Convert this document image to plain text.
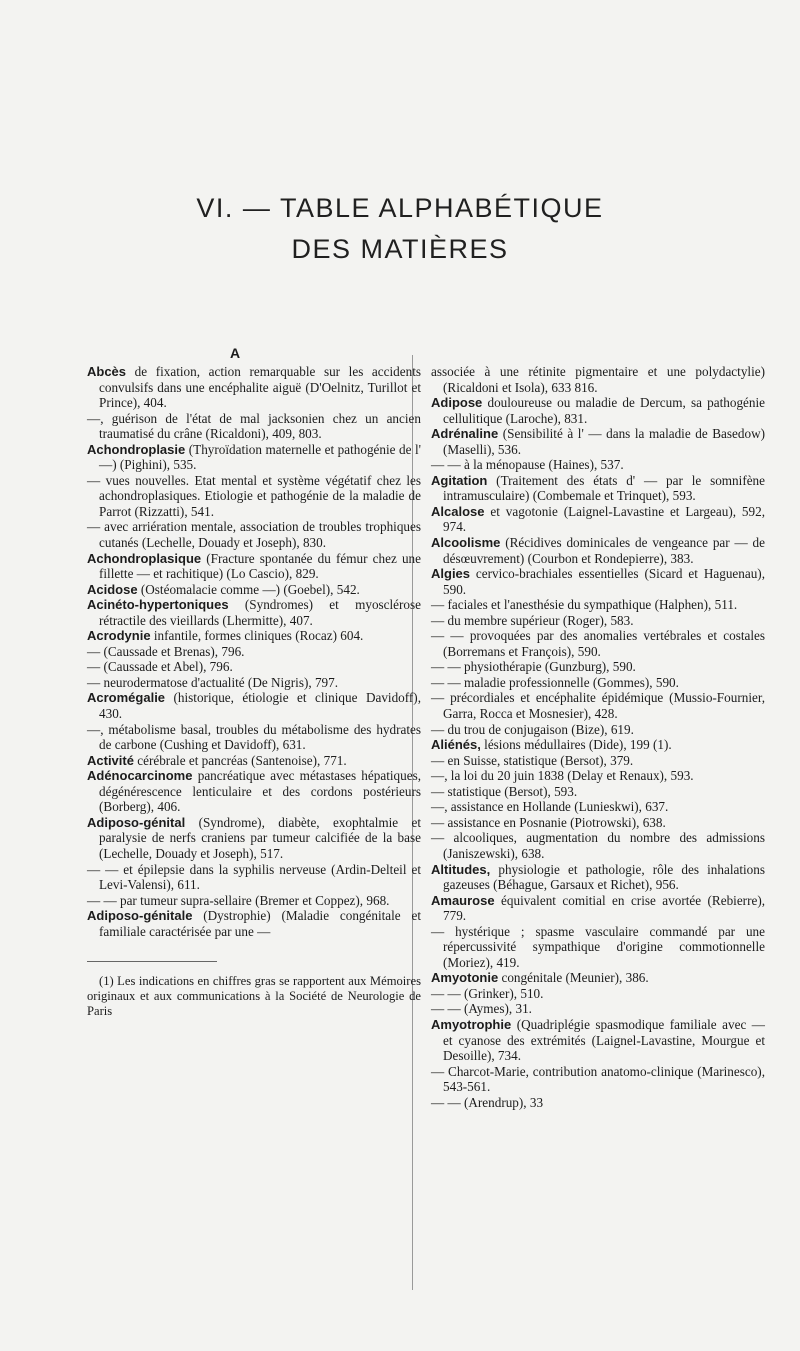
VI. — TABLE ALPHABÉTIQUE
DES MATIÈRES
A

Abcès de fixation, action remarquable sur les accidents convulsifs dans une encéphalite aiguë (D'Oelnitz, Turillot et Prince), 404.

—, guérison de l'état de mal jacksonien chez un ancien traumatisé du crâne (Ricaldoni), 409, 803.

Achondroplasie (Thyroïdation maternelle et pathogénie de l' —) (Pighini), 535.

— vues nouvelles. Etat mental et système végétatif chez les achondroplasiques. Etiologie et pathogénie de la maladie de Parrot (Rizzatti), 541.

— avec arriération mentale, association de troubles trophiques cutanés (Lechelle, Douady et Joseph), 830.

Achondroplasique (Fracture spontanée du fémur chez une fillette — et rachitique) (Lo Cascio), 829.

Acidose (Ostéomalacie comme —) (Goebel), 542.

Acinéto-hypertoniques (Syndromes) et myosclérose rétractile des vieillards (Lhermitte), 407.

Acrodynie infantile, formes cliniques (Rocaz) 604.

— (Caussade et Brenas), 796.

— (Caussade et Abel), 796.

— neurodermatose d'actualité (De Nigris), 797.

Acromégalie (historique, étiologie et clinique Davidoff), 430.

—, métabolisme basal, troubles du métabolisme des hydrates de carbone (Cushing et Davidoff), 631.

Activité cérébrale et pancréas (Santenoise), 771.

Adénocarcinome pancréatique avec métastases hépatiques, dégénérescence lenticulaire et des cordons postérieurs (Borberg), 406.

Adiposo-génital (Syndrome), diabète, exophtalmie et paralysie de nerfs craniens par tumeur calcifiée de la base (Lechelle, Douady et Joseph), 517.

— — et épilepsie dans la syphilis nerveuse (Ardin-Delteil et Levi-Valensi), 611.

— — par tumeur supra-sellaire (Bremer et Coppez), 968.

Adiposo-génitale (Dystrophie) (Maladie congénitale et familiale caractérisée par une —

(1) Les indications en chiffres gras se rapportent aux Mémoires originaux et aux communications à la Société de Neurologie de Paris

associée à une rétinite pigmentaire et une polydactylie) (Ricaldoni et Isola), 633 816.

Adipose douloureuse ou maladie de Dercum, sa pathogénie cellulitique (Laroche), 831.

Adrénaline (Sensibilité à l' — dans la maladie de Basedow) (Maselli), 536.

— — à la ménopause (Haines), 537.

Agitation (Traitement des états d' — par le somnifène intramusculaire) (Combemale et Trinquet), 593.

Alcalose et vagotonie (Laignel-Lavastine et Largeau), 592, 974.

Alcoolisme (Récidives dominicales de vengeance par — de désœuvrement) (Courbon et Rondepierre), 383.

Algies cervico-brachiales essentielles (Sicard et Haguenau), 590.

— faciales et l'anesthésie du sympathique (Halphen), 511.

— du membre supérieur (Roger), 583.

— — provoquées par des anomalies vertébrales et costales (Borremans et François), 590.

— — physiothérapie (Gunzburg), 590.

— — maladie professionnelle (Gommes), 590.

— précordiales et encéphalite épidémique (Mussio-Fournier, Garra, Rocca et Mosnesier), 428.

— du trou de conjugaison (Bize), 619.

Aliénés, lésions médullaires (Dide), 199 (1).

— en Suisse, statistique (Bersot), 379.

—, la loi du 20 juin 1838 (Delay et Renaux), 593.

— statistique (Bersot), 593.

—, assistance en Hollande (Lunieskwi), 637.

— assistance en Posnanie (Piotrowski), 638.

— alcooliques, augmentation du nombre des admissions (Janiszewski), 638.

Altitudes, physiologie et pathologie, rôle des inhalations gazeuses (Béhague, Garsaux et Richet), 956.

Amaurose équivalent comitial en crise avortée (Rebierre), 779.

— hystérique ; spasme vasculaire commandé par une répercussivité sympathique d'origine commotionnelle (Moriez), 419.

Amyotonie congénitale (Meunier), 386.

— — (Grinker), 510.

— — (Aymes), 31.

Amyotrophie (Quadriplégie spasmodique familiale avec — et cyanose des extrémités (Laignel-Lavastine, Mourgue et Desoille), 734.

— Charcot-Marie, contribution anatomo-clinique (Marinesco), 543-561.

— — (Arendrup), 33
